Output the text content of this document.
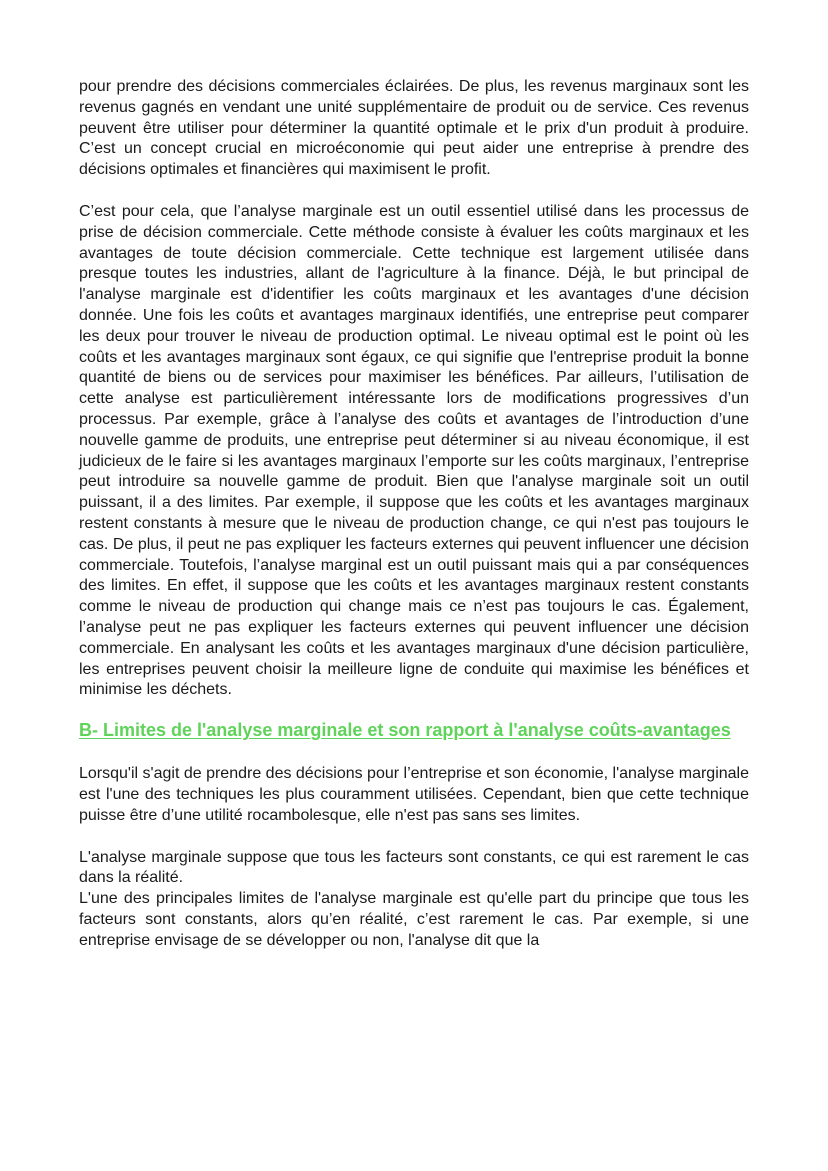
pour prendre des décisions commerciales éclairées. De plus, les revenus marginaux sont les revenus gagnés en vendant une unité supplémentaire de produit ou de service. Ces revenus peuvent être utiliser pour déterminer la quantité optimale et le prix d'un produit à produire. C’est un concept crucial en microéconomie qui peut aider une entreprise à prendre des décisions optimales et financières qui maximisent le profit.

C’est pour cela, que l’analyse marginale est un outil essentiel utilisé dans les processus de prise de décision commerciale. Cette méthode consiste à évaluer les coûts marginaux et les avantages de toute décision commerciale. Cette technique est largement utilisée dans presque toutes les industries, allant de l'agriculture à la finance. Déjà, le but principal de l'analyse marginale est d'identifier les coûts marginaux et les avantages d'une décision donnée. Une fois les coûts et avantages marginaux identifiés, une entreprise peut comparer les deux pour trouver le niveau de production optimal. Le niveau optimal est le point où les coûts et les avantages marginaux sont égaux, ce qui signifie que l'entreprise produit la bonne quantité de biens ou de services pour maximiser les bénéfices. Par ailleurs, l’utilisation de cette analyse est particulièrement intéressante lors de modifications progressives d’un processus. Par exemple, grâce à l’analyse des coûts et avantages de l’introduction d’une nouvelle gamme de produits, une entreprise peut déterminer si au niveau économique, il est judicieux de le faire si les avantages marginaux l’emporte sur les coûts marginaux, l’entreprise peut introduire sa nouvelle gamme de produit. Bien que l'analyse marginale soit un outil puissant, il a des limites. Par exemple, il suppose que les coûts et les avantages marginaux restent constants à mesure que le niveau de production change, ce qui n'est pas toujours le cas. De plus, il peut ne pas expliquer les facteurs externes qui peuvent influencer une décision commerciale. Toutefois, l’analyse marginal est un outil puissant mais qui a par conséquences des limites. En effet, il suppose que les coûts et les avantages marginaux restent constants comme le niveau de production qui change mais ce n’est pas toujours le cas. Également, l’analyse peut ne pas expliquer les facteurs externes qui peuvent influencer une décision commerciale. En analysant les coûts et les avantages marginaux d'une décision particulière, les entreprises peuvent choisir la meilleure ligne de conduite qui maximise les bénéfices et minimise les déchets.

B- Limites de l'analyse marginale et son rapport à l'analyse coûts-avantages

Lorsqu'il s'agit de prendre des décisions pour l’entreprise et son économie, l'analyse marginale est l'une des techniques les plus couramment utilisées. Cependant, bien que cette technique puisse être d’une utilité rocambolesque, elle n'est pas sans ses limites.

L'analyse marginale suppose que tous les facteurs sont constants, ce qui est rarement le cas dans la réalité.

L'une des principales limites de l'analyse marginale est qu'elle part du principe que tous les facteurs sont constants, alors qu’en réalité, c’est rarement le cas. Par exemple, si une entreprise envisage de se développer ou non, l'analyse dit que la
